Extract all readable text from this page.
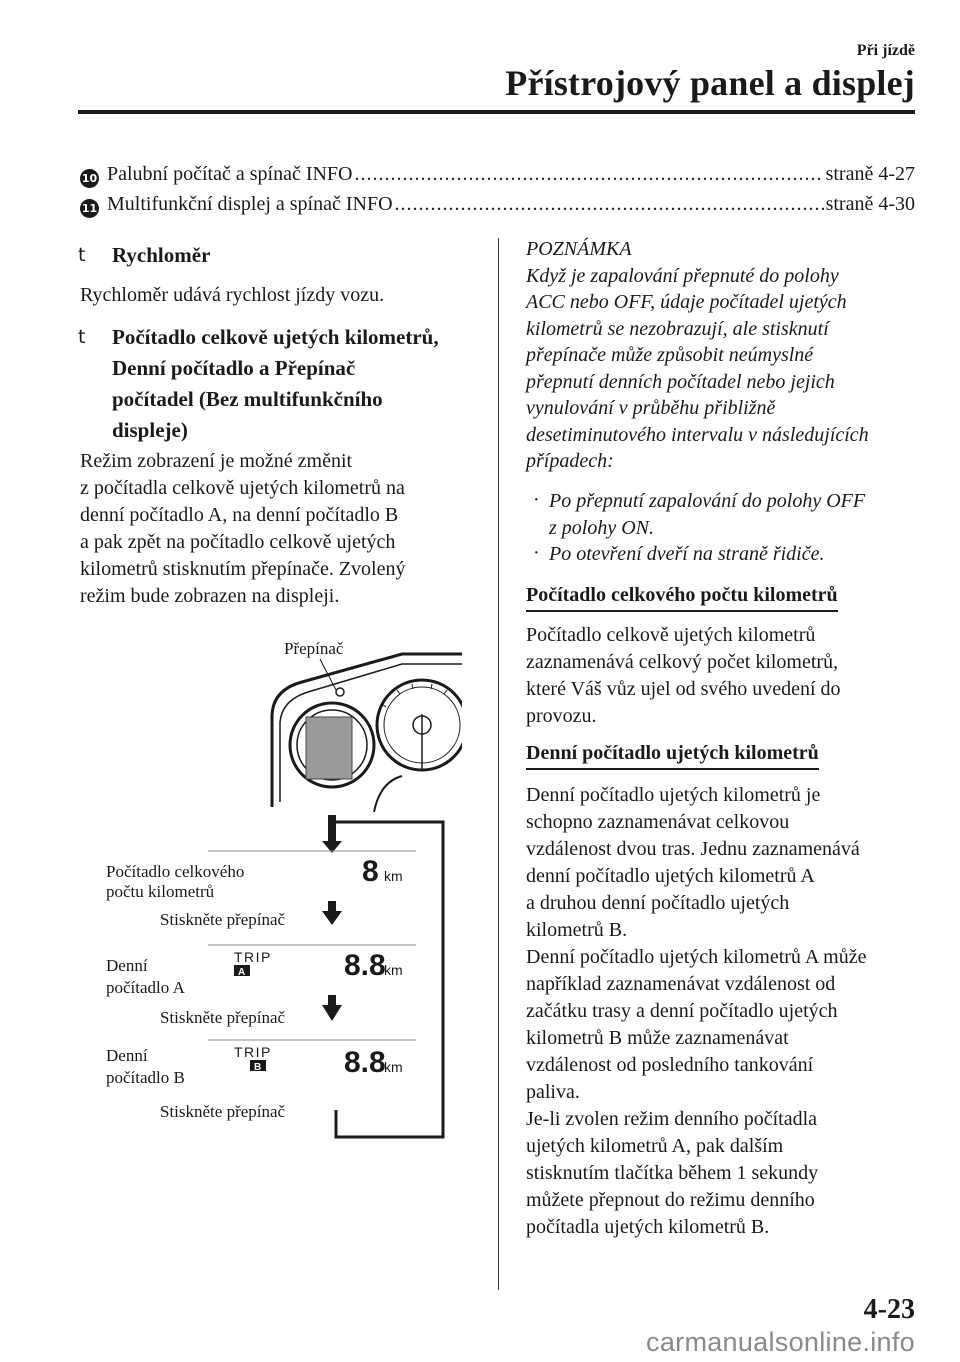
Při jízdě
Přístrojový panel a displej
10 Palubní počítač a spínač INFO . . .	straně 4-27
11 Multifunkční displej a spínač INFO . . .	straně 4-30
t	Rychloměr
Rychloměr udává rychlost jízdy vozu.
t	Počítadlo celkově ujetých kilometrů,
Denní počítadlo a Přepínač
počítadel (Bez multifunkčního
displeje)
Režim zobrazení je možné změnit
z počítadla celkově ujetých kilometrů na
denní počítadlo A, na denní počítadlo B
a pak zpět na počítadlo celkově ujetých
kilometrů stisknutím přepínače. Zvolený
režim bude zobrazen na displeji.
Přepínač
Počítadlo celkového
počtu kilometrů
8 km
Stiskněte přepínač
TRIP
A
Denní
počítadlo A
8.8
km
Stiskněte přepínač
TRIP
B
Denní
počítadlo B	8.8
km
Stiskněte přepínač
POZNÁMKA
Když je zapalování přepnuté do polohy
ACC nebo OFF, údaje počítadel ujetých
kilometrů se nezobrazují, ale stisknutí
přepínače může způsobit neúmyslné
přepnutí denních počítadel nebo jejich
vynulování v průběhu přibližně
desetiminutového intervalu v následujících
případech:
· Po přepnutí zapalování do polohy OFF
z polohy ON.
· Po otevření dveří na straně řidiče.
Počítadlo celkového počtu kilometrů
Počítadlo celkově ujetých kilometrů
zaznamenává celkový počet kilometrů,
které Váš vůz ujel od svého uvedení do
provozu.
Denní počítadlo ujetých kilometrů
Denní počítadlo ujetých kilometrů je
schopno zaznamenávat celkovou
vzdálenost dvou tras. Jednu zaznamenává
denní počítadlo ujetých kilometrů A
a druhou denní počítadlo ujetých
kilometrů B.
Denní počítadlo ujetých kilometrů A může
například zaznamenávat vzdálenost od
začátku trasy a denní počítadlo ujetých
kilometrů B může zaznamenávat
vzdálenost od posledního tankování
paliva.
Je-li zvolen režim denního počítadla
ujetých kilometrů A, pak dalším
stisknutím tlačítka během 1 sekundy
můžete přepnout do režimu denního
počítadla ujetých kilometrů B.
4-23
carmanualsonline.info
